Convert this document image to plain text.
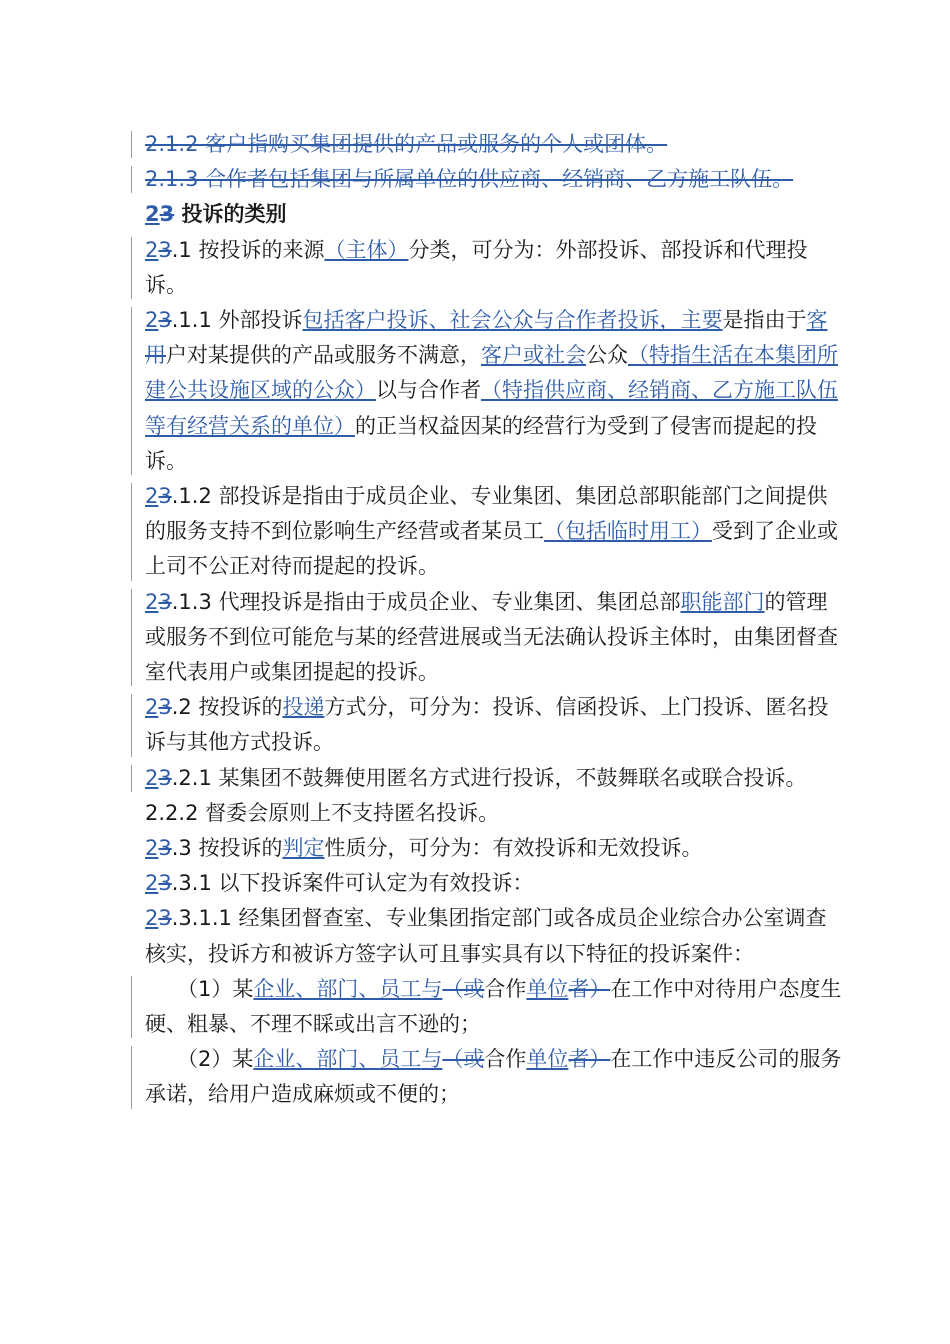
2.1.2 客户指购买集团提供的产品或服务的个人或团体。

2.1.3 合作者包括集团与所属单位的供应商、经销商、乙方施工队伍。

23 投诉的类别

23.1 按投诉的来源（主体）分类，可分为：外部投诉、部投诉和代理投诉。

23.1.1 外部投诉包括客户投诉、社会公众与合作者投诉，主要是指由于客用户对某提供的产品或服务不满意，客户或社会公众（特指生活在本集团所建公共设施区域的公众）以与合作者（特指供应商、经销商、乙方施工队伍等有经营关系的单位）的正当权益因某的经营行为受到了侵害而提起的投诉。

23.1.2 部投诉是指由于成员企业、专业集团、集团总部职能部门之间提供的服务支持不到位影响生产经营或者某员工（包括临时用工）受到了企业或上司不公正对待而提起的投诉。

23.1.3 代理投诉是指由于成员企业、专业集团、集团总部职能部门的管理或服务不到位可能危与某的经营进展或当无法确认投诉主体时，由集团督查室代表用户或集团提起的投诉。

23.2 按投诉的投递方式分，可分为：投诉、信函投诉、上门投诉、匿名投诉与其他方式投诉。

23.2.1 某集团不鼓舞使用匿名方式进行投诉，不鼓舞联名或联合投诉。

2.2.2 督委会原则上不支持匿名投诉。

23.3 按投诉的判定性质分，可分为：有效投诉和无效投诉。

23.3.1 以下投诉案件可认定为有效投诉：

23.3.1.1 经集团督查室、专业集团指定部门或各成员企业综合办公室调查核实，投诉方和被诉方签字认可且事实具有以下特征的投诉案件：

（1）某企业、部门、员工与（或合作单位者）在工作中对待用户态度生硬、粗暴、不理不睬或出言不逊的；

（2）某企业、部门、员工与（或合作单位者）在工作中违反公司的服务承诺，给用户造成麻烦或不便的；
